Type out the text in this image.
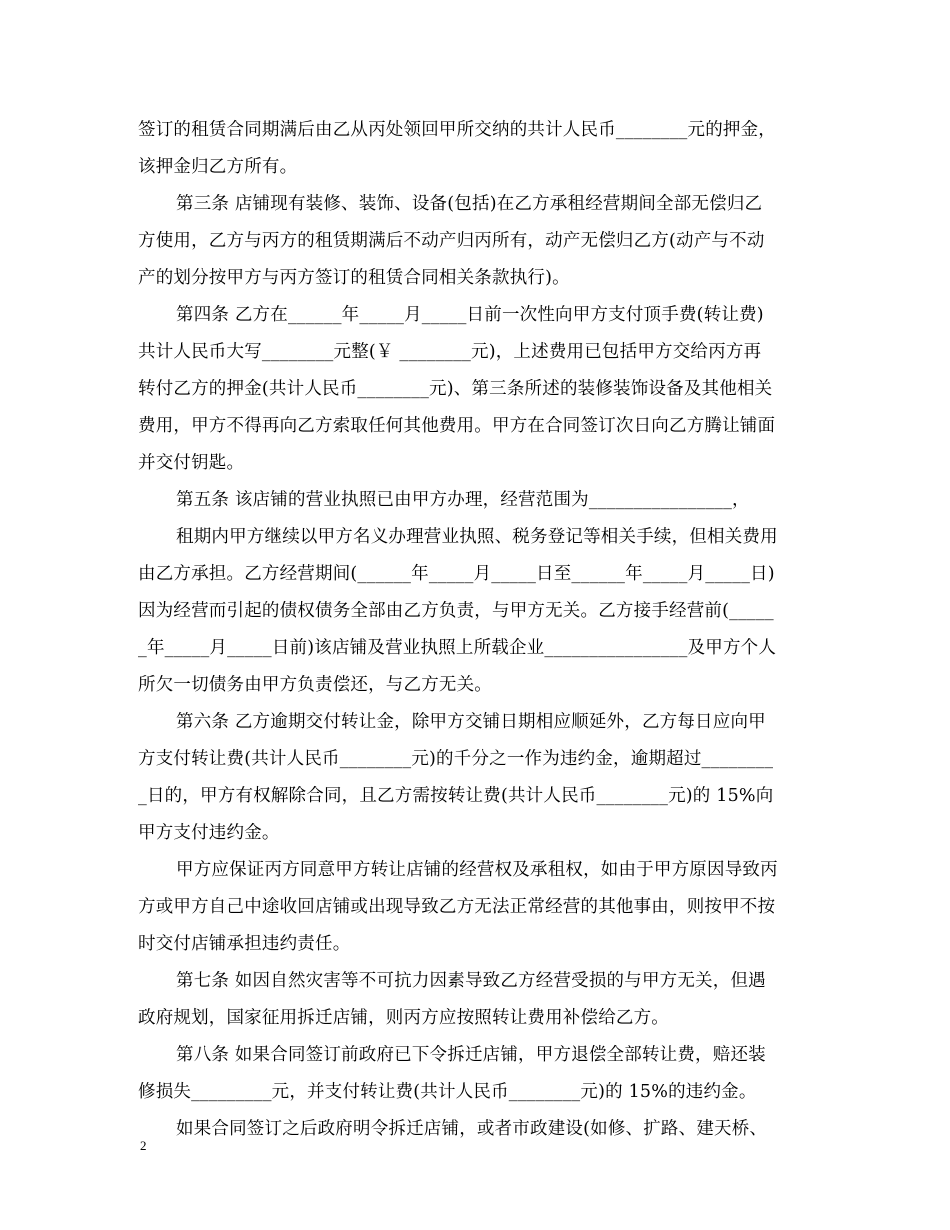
签订的租赁合同期满后由乙从丙处领回甲所交纳的共计人民币________元的押金，
该押金归乙方所有。
第三条 店铺现有装修、装饰、设备(包括)在乙方承租经营期间全部无偿归乙
方使用，乙方与丙方的租赁期满后不动产归丙所有，动产无偿归乙方(动产与不动
产的划分按甲方与丙方签订的租赁合同相关条款执行)。
第四条 乙方在______年_____月_____日前一次性向甲方支付顶手费(转让费)
共计人民币大写________元整(￥ ________元)，上述费用已包括甲方交给丙方再
转付乙方的押金(共计人民币________元)、第三条所述的装修装饰设备及其他相关
费用，甲方不得再向乙方索取任何其他费用。甲方在合同签订次日向乙方腾让铺面
并交付钥匙。
第五条 该店铺的营业执照已由甲方办理，经营范围为________________，
租期内甲方继续以甲方名义办理营业执照、税务登记等相关手续，但相关费用
由乙方承担。乙方经营期间(______年_____月_____日至______年_____月_____日)
因为经营而引起的债权债务全部由乙方负责，与甲方无关。乙方接手经营前(_____
_年_____月_____日前)该店铺及营业执照上所载企业________________及甲方个人
所欠一切债务由甲方负责偿还，与乙方无关。
第六条 乙方逾期交付转让金，除甲方交铺日期相应顺延外，乙方每日应向甲
方支付转让费(共计人民币________元)的千分之一作为违约金，逾期超过________
_日的，甲方有权解除合同，且乙方需按转让费(共计人民币________元)的 15%向
甲方支付违约金。
甲方应保证丙方同意甲方转让店铺的经营权及承租权，如由于甲方原因导致丙
方或甲方自己中途收回店铺或出现导致乙方无法正常经营的其他事由，则按甲不按
时交付店铺承担违约责任。
第七条 如因自然灾害等不可抗力因素导致乙方经营受损的与甲方无关，但遇
政府规划，国家征用拆迁店铺，则丙方应按照转让费用补偿给乙方。
第八条 如果合同签订前政府已下令拆迁店铺，甲方退偿全部转让费，赔还装
修损失_________元，并支付转让费(共计人民币________元)的 15%的违约金。
如果合同签订之后政府明令拆迁店铺，或者市政建设(如修、扩路、建天桥、
2
